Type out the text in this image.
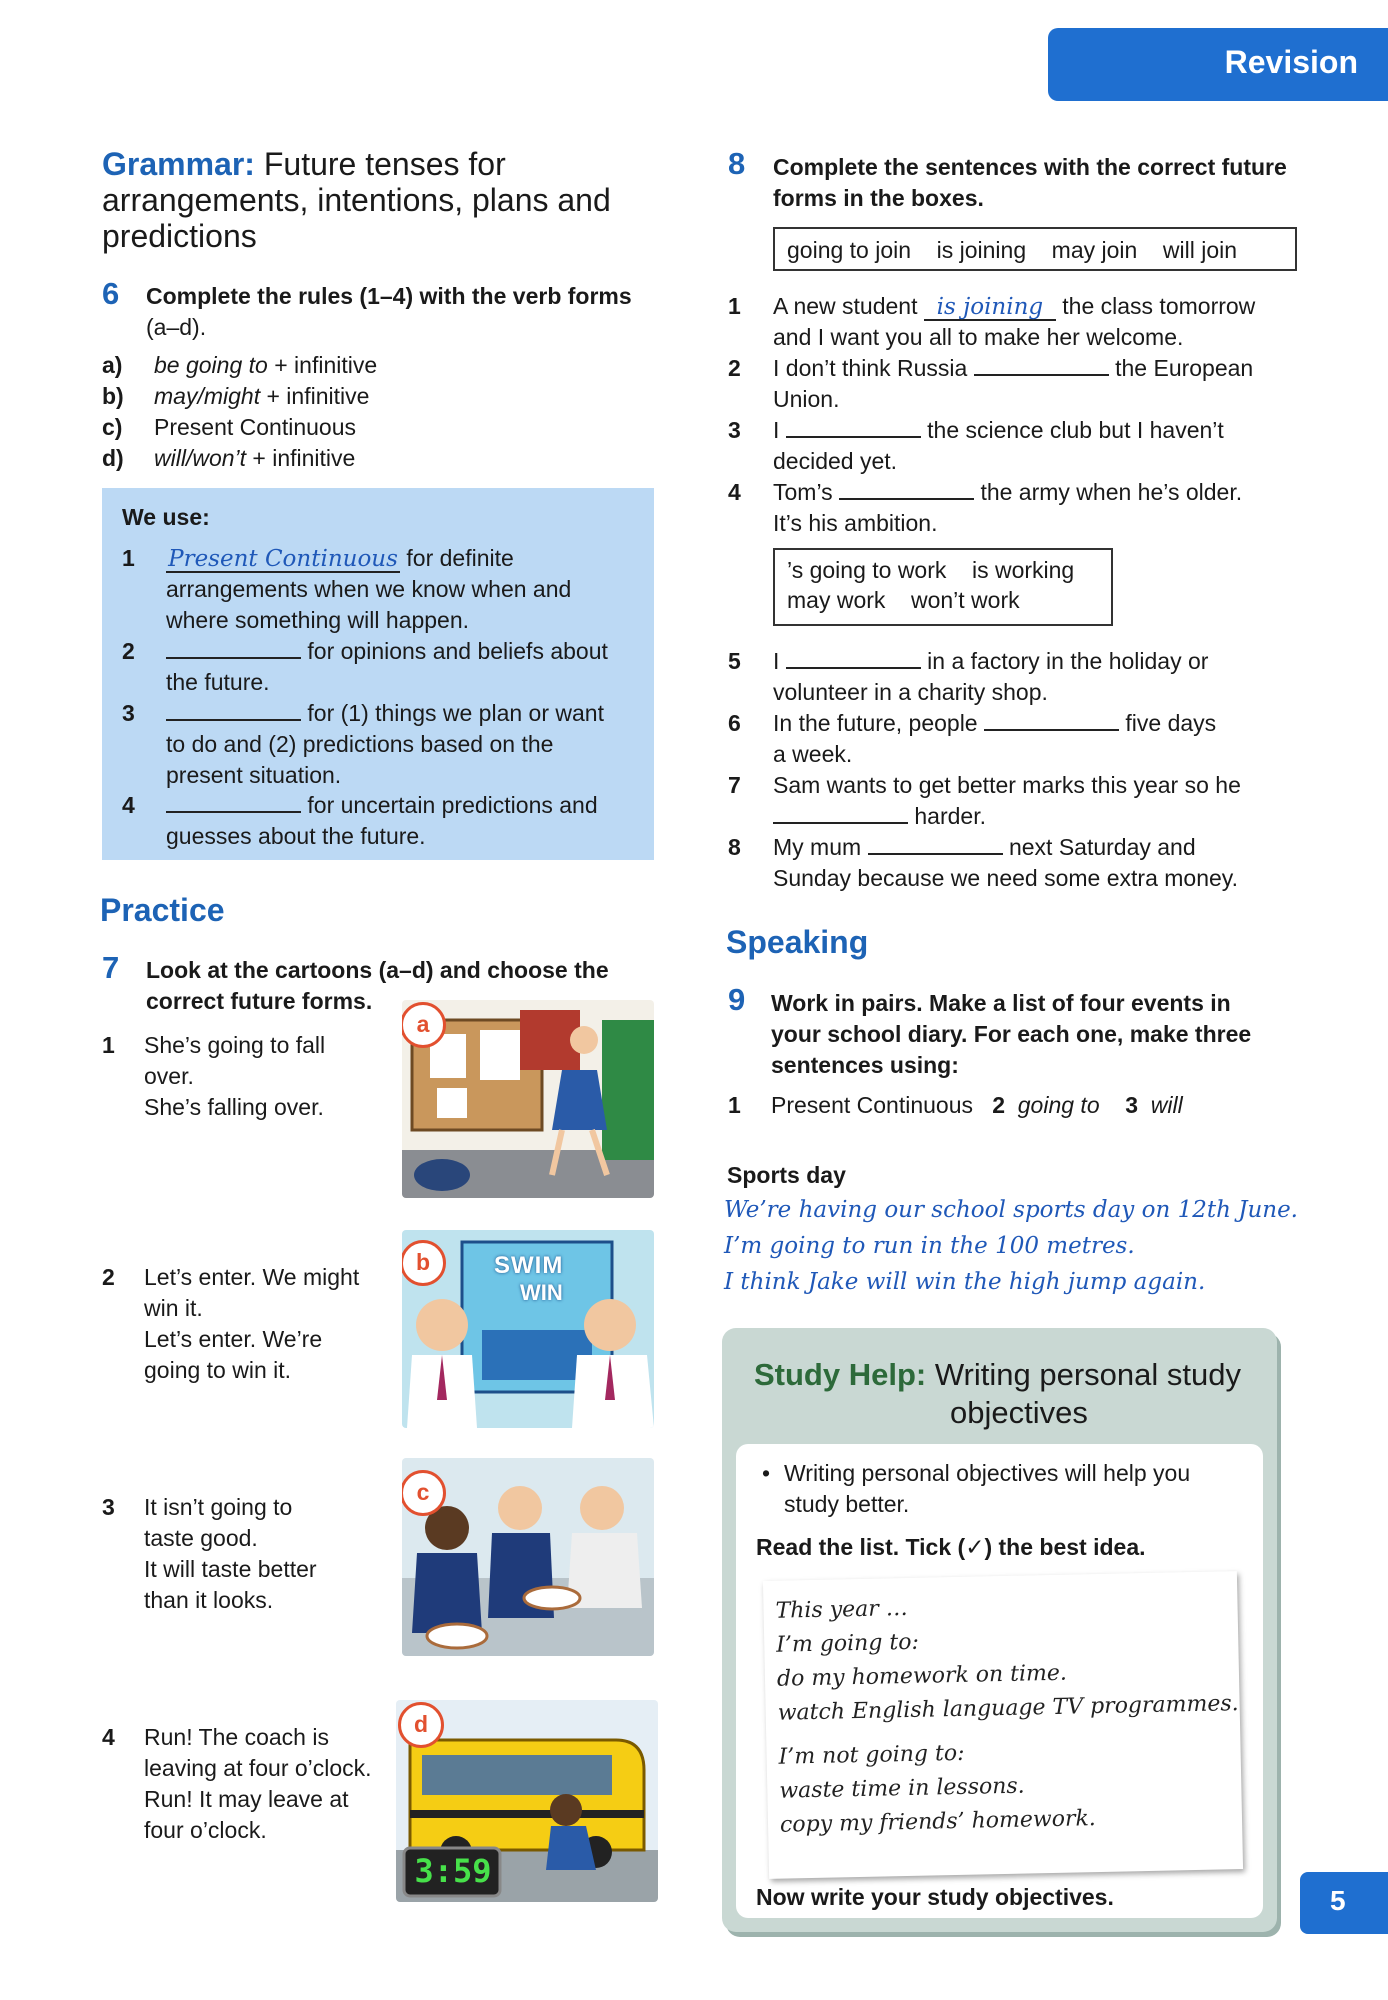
Revision
Grammar: Future tenses for
arrangements, intentions, plans and
predictions
6 Complete the rules (1–4) with the verb forms
(a–d).
a) be going to + infinitive
b) may/might + infinitive
c) Present Continuous
d) will/won’t + infinitive
We use:
1 Present Continuous for definite
arrangements when we know when and
where something will happen.
2	for opinions and beliefs about
the future.
3	for (1) things we plan or want
to do and (2) predictions based on the
present situation.
4	for uncertain predictions and
guesses about the future.
Practice
7 Look at the cartoons (a–d) and choose the
correct future forms.
1 She’s going to fall
over.
She’s falling over.
a
2 Let’s enter. We might
win it.
Let’s enter. We’re
going to win it.
SWIM
WIN
b
3 It isn’t going to
taste good.
It will taste better
than it looks.
c
4 Run! The coach is
leaving at four o’clock.
Run! It may leave at
four o’clock.
3:59
d
8 Complete the sentences with the correct future
forms in the boxes.
going to join is joining may join will join
1 A new student is joining the class tomorrow
and I want you all to make her welcome.
2 I don’t think Russia	the European
Union.
3 I	the science club but I haven’t
decided yet.
4 Tom’s	the army when he’s older.
It’s his ambition.
’s going to work is working
may work won’t work
5 I	in a factory in the holiday or
volunteer in a charity shop.
6 In the future, people	five days
a week.
7 Sam wants to get better marks this year so he
harder.
8 My mum	next Saturday and
Sunday because we need some extra money.
Speaking
9 Work in pairs. Make a list of four events in
your school diary. For each one, make three
sentences using:
1 Present Continuous 2 going to 3 will
Sports day
We’re having our school sports day on 12th June.
I’m going to run in the 100 metres.
I think Jake will win the high jump again.
Study Help: Writing personal study

objectives
• Writing personal objectives will help you
study better.
Read the list. Tick (✓) the best idea.
This year …
I’m going to:
do my homework on time.
watch English language TV programmes.
I’m not going to:
waste time in lessons.
copy my friends’ homework.
Now write your study objectives.	5
